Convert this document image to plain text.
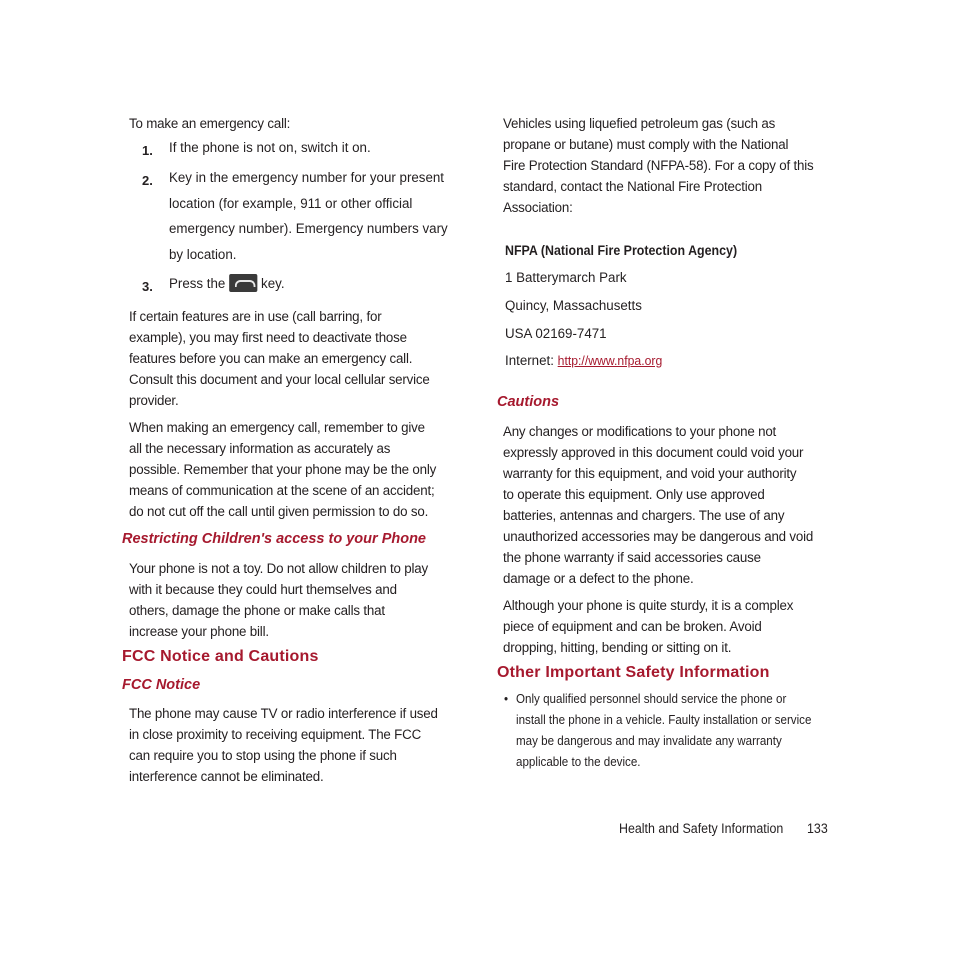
To make an emergency call:
1. If the phone is not on, switch it on.
2. Key in the emergency number for your present
location (for example, 911 or other official
emergency number). Emergency numbers vary
by location.
3. Press the	key.
If certain features are in use (call barring, for
example), you may first need to deactivate those
features before you can make an emergency call.
Consult this document and your local cellular service
provider.
When making an emergency call, remember to give
all the necessary information as accurately as
possible. Remember that your phone may be the only
means of communication at the scene of an accident;
do not cut off the call until given permission to do so.
Restricting Children's access to your Phone
Your phone is not a toy. Do not allow children to play
with it because they could hurt themselves and
others, damage the phone or make calls that
increase your phone bill.
FCC Notice and Cautions
FCC Notice
The phone may cause TV or radio interference if used
in close proximity to receiving equipment. The FCC
can require you to stop using the phone if such
interference cannot be eliminated.
Vehicles using liquefied petroleum gas (such as
propane or butane) must comply with the National
Fire Protection Standard (NFPA-58). For a copy of this
standard, contact the National Fire Protection
Association:
NFPA (National Fire Protection Agency)
1 Batterymarch Park
Quincy, Massachusetts
USA 02169-7471
Internet: http://www.nfpa.org
Cautions
Any changes or modifications to your phone not
expressly approved in this document could void your
warranty for this equipment, and void your authority
to operate this equipment. Only use approved
batteries, antennas and chargers. The use of any
unauthorized accessories may be dangerous and void
the phone warranty if said accessories cause
damage or a defect to the phone.
Although your phone is quite sturdy, it is a complex
piece of equipment and can be broken. Avoid
dropping, hitting, bending or sitting on it.
Other Important Safety Information
• Only qualified personnel should service the phone or
install the phone in a vehicle. Faulty installation or service
may be dangerous and may invalidate any warranty
applicable to the device.
Health and Safety Information 133
